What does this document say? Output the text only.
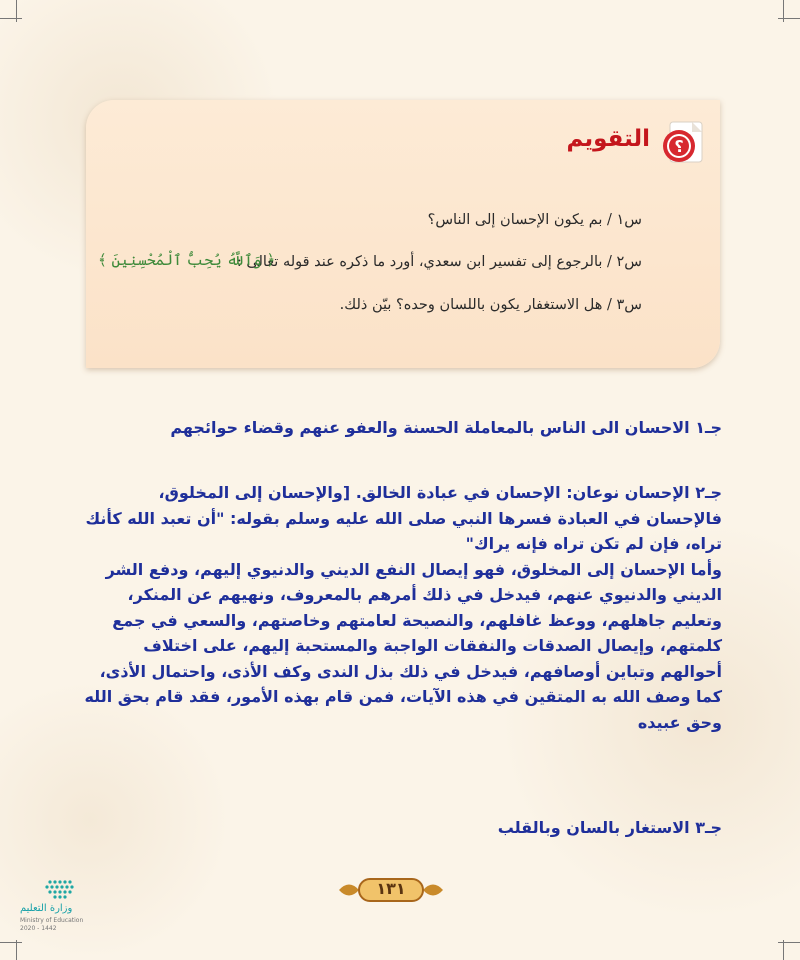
؟
التقويم

س١ / بم يكون الإحسان إلى الناس؟

س٢ / بالرجوع إلى تفسير ابن سعدي، أورد ما ذكره عند قوله تعالى :

﴿ وَٱللَّهُ يُحِبُّ ٱلْمُحْسِنِينَ ﴾

س٣ / هل الاستغفار يكون باللسان وحده؟ بيّن ذلك.

جـ١ الاحسان الى الناس بالمعاملة الحسنة والعفو عنهم وقضاء حوائجهم

جـ٢ الإحسان نوعان: الإحسان في عبادة الخالق. [والإحسان إلى المخلوق،

فالإحسان في العبادة فسرها النبي صلى الله عليه وسلم بقوله: "أن تعبد الله كأنك

تراه، فإن لم تكن تراه فإنه يراك"

وأما الإحسان إلى المخلوق، فهو إيصال النفع الديني والدنيوي إليهم، ودفع الشر

الديني والدنيوي عنهم، فيدخل في ذلك أمرهم بالمعروف، ونهيهم عن المنكر،

وتعليم جاهلهم، ووعظ غافلهم، والنصيحة لعامتهم وخاصتهم، والسعي في جمع

كلمتهم، وإيصال الصدقات والنفقات الواجبة والمستحبة إليهم، على اختلاف

أحوالهم وتباين أوصافهم، فيدخل في ذلك بذل الندى وكف الأذى، واحتمال الأذى،

كما وصف الله به المتقين في هذه الآيات، فمن قام بهذه الأمور، فقد قام بحق الله

وحق عبيده

جـ٣ الاستغار بالسان وبالقلب

١٣١

وزارة التعليم

Ministry of Education

2020 - 1442
